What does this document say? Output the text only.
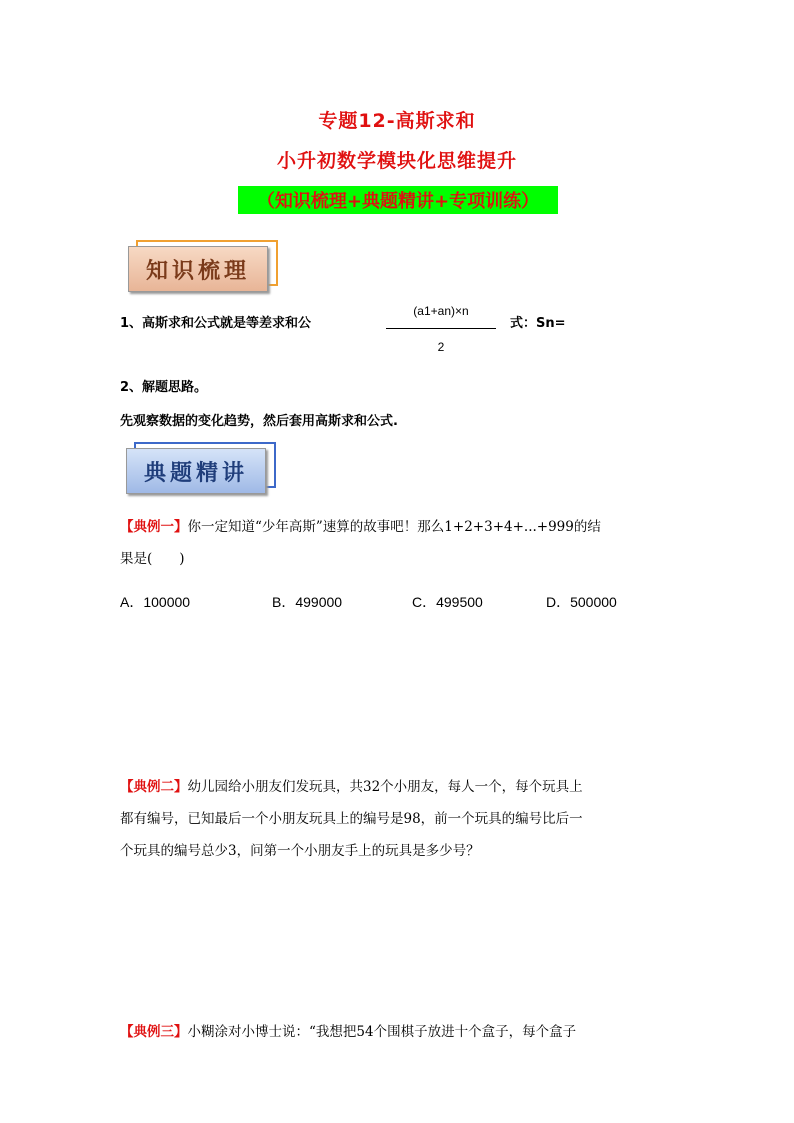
专题12-高斯求和
小升初数学模块化思维提升
（知识梳理+典题精讲+专项训练）
知识梳理
1、高斯求和公式就是等差求和公
(a1+an)×n
2
式：Sn=
2、解题思路。
先观察数据的变化趋势，然后套用高斯求和公式.
典题精讲
【典例一】你一定知道“少年高斯”速算的故事吧！那么1+2+3+4+...+999的结
果是(　　)
A．100000	B．499000	C．499500	D．500000
【典例二】幼儿园给小朋友们发玩具，共32个小朋友，每人一个，每个玩具上
都有编号，已知最后一个小朋友玩具上的编号是98，前一个玩具的编号比后一
个玩具的编号总少3，问第一个小朋友手上的玩具是多少号？
【典例三】小糊涂对小博士说：“我想把54个围棋子放进十个盒子，每个盒子
